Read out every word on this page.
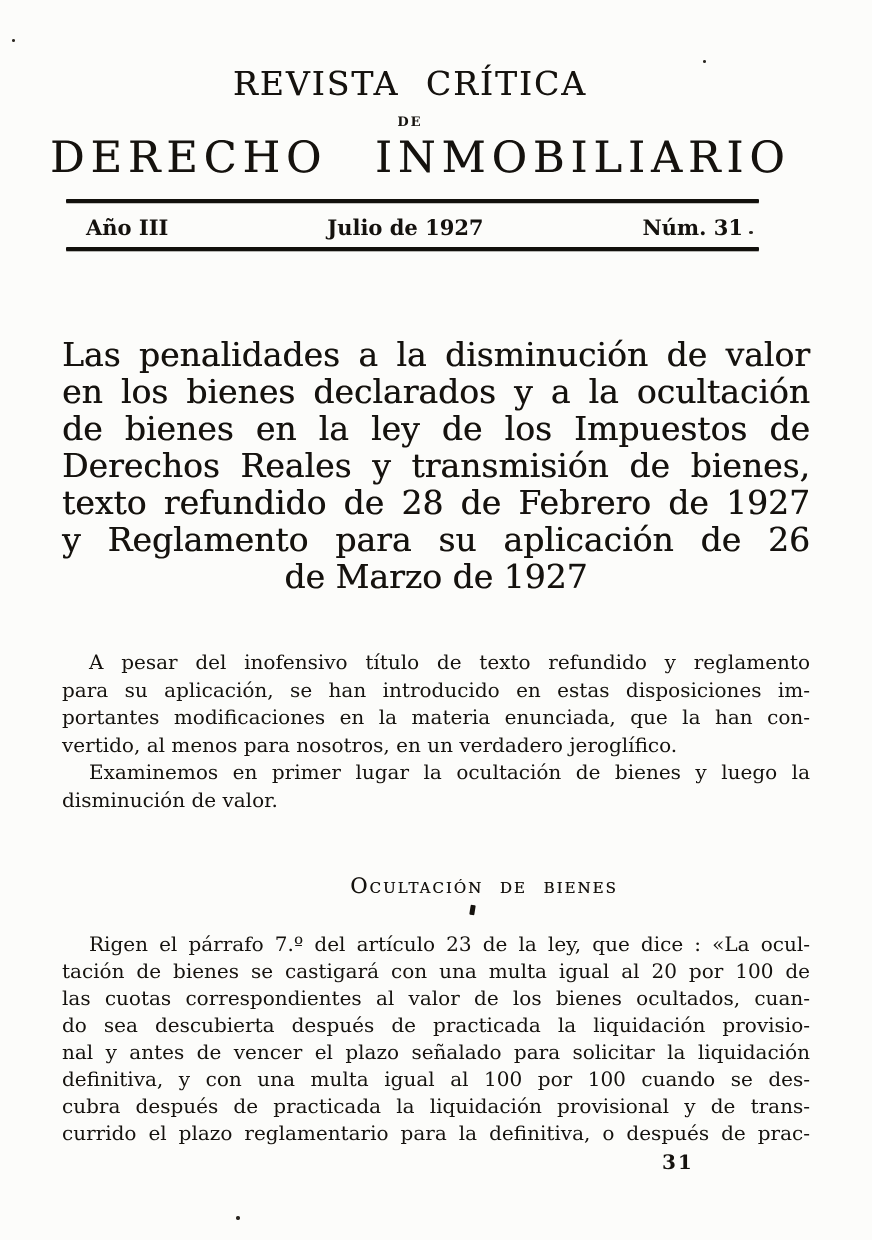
REVISTA CRÍTICA
DE
DERECHO INMOBILIARIO
Año III	Julio de 1927	Núm. 31
Las penalidades a la disminución de valor
en los bienes declarados y a la ocultación
de bienes en la ley de los Impuestos de
Derechos Reales y transmisión de bienes,
texto refundido de 28 de Febrero de 1927
y Reglamento para su aplicación de 26
de Marzo de 1927

A pesar del inofensivo título de texto refundido y reglamento
para su aplicación, se han introducido en estas disposiciones im-
portantes modificaciones en la materia enunciada, que la han con-
vertido, al menos para nosotros, en un verdadero jeroglífico.

Examinemos en primer lugar la ocultación de bienes y luego la
disminución de valor.

Ocultación de bienes

Rigen el párrafo 7.º del artículo 23 de la ley, que dice : «La ocul-
tación de bienes se castigará con una multa igual al 20 por 100 de
las cuotas correspondientes al valor de los bienes ocultados, cuan-
do sea descubierta después de practicada la liquidación provisio-
nal y antes de vencer el plazo señalado para solicitar la liquidación
definitiva, y con una multa igual al 100 por 100 cuando se des-
cubra después de practicada la liquidación provisional y de trans-
currido el plazo reglamentario para la definitiva, o después de prac-

31
